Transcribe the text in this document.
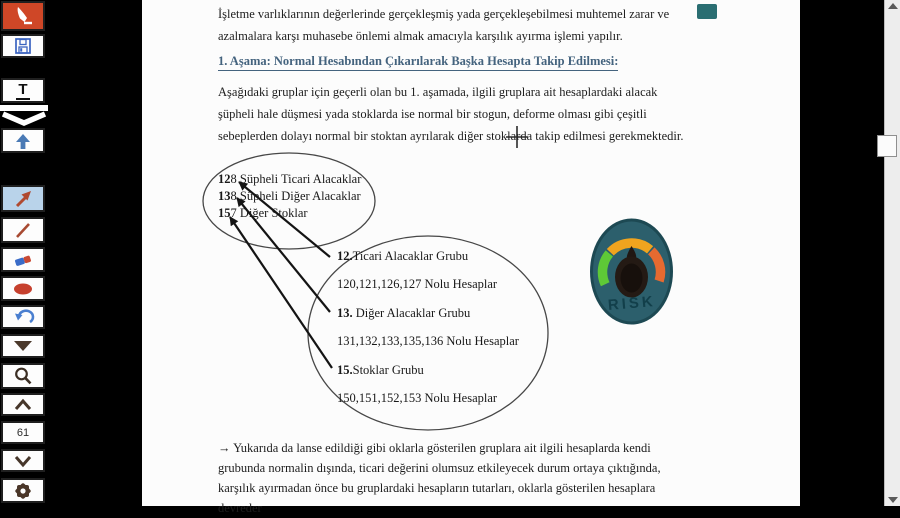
T
61
İşletme varlıklarının değerlerinde gerçekleşmiş yada gerçekleşebilmesi muhtemel zarar ve
azalmalara karşı muhasebe önlemi almak amacıyla karşılık ayırma işlemi yapılır.
1. Aşama: Normal Hesabından Çıkarılarak Başka Hesapta Takip Edilmesi:
Aşağıdaki gruplar için geçerli olan bu 1. aşamada, ilgili gruplara ait hesaplardaki alacak
şüpheli hale düşmesi yada stoklarda ise normal bir stogun, deforme olması gibi çeşitli
sebeplerden dolayı normal bir stoktan ayrılarak diğer stoklarda takip edilmesi gerekmektedir.
RISK
128 Şüpheli Ticari Alacaklar
138 Şüpheli Diğer Alacaklar
157 Diğer Stoklar
12.Ticari Alacaklar Grubu
120,121,126,127 Nolu Hesaplar
13. Diğer Alacaklar Grubu
131,132,133,135,136 Nolu Hesaplar
15.Stoklar Grubu
150,151,152,153 Nolu Hesaplar
→ Yukarıda da lanse edildiği gibi oklarla gösterilen gruplara ait ilgili hesaplarda kendi
grubunda normalin dışında, ticari değerini olumsuz etkileyecek durum ortaya çıktığında,
karşılık ayırmadan önce bu gruplardaki hesapların tutarları, oklarla gösterilen hesaplara
devreder
